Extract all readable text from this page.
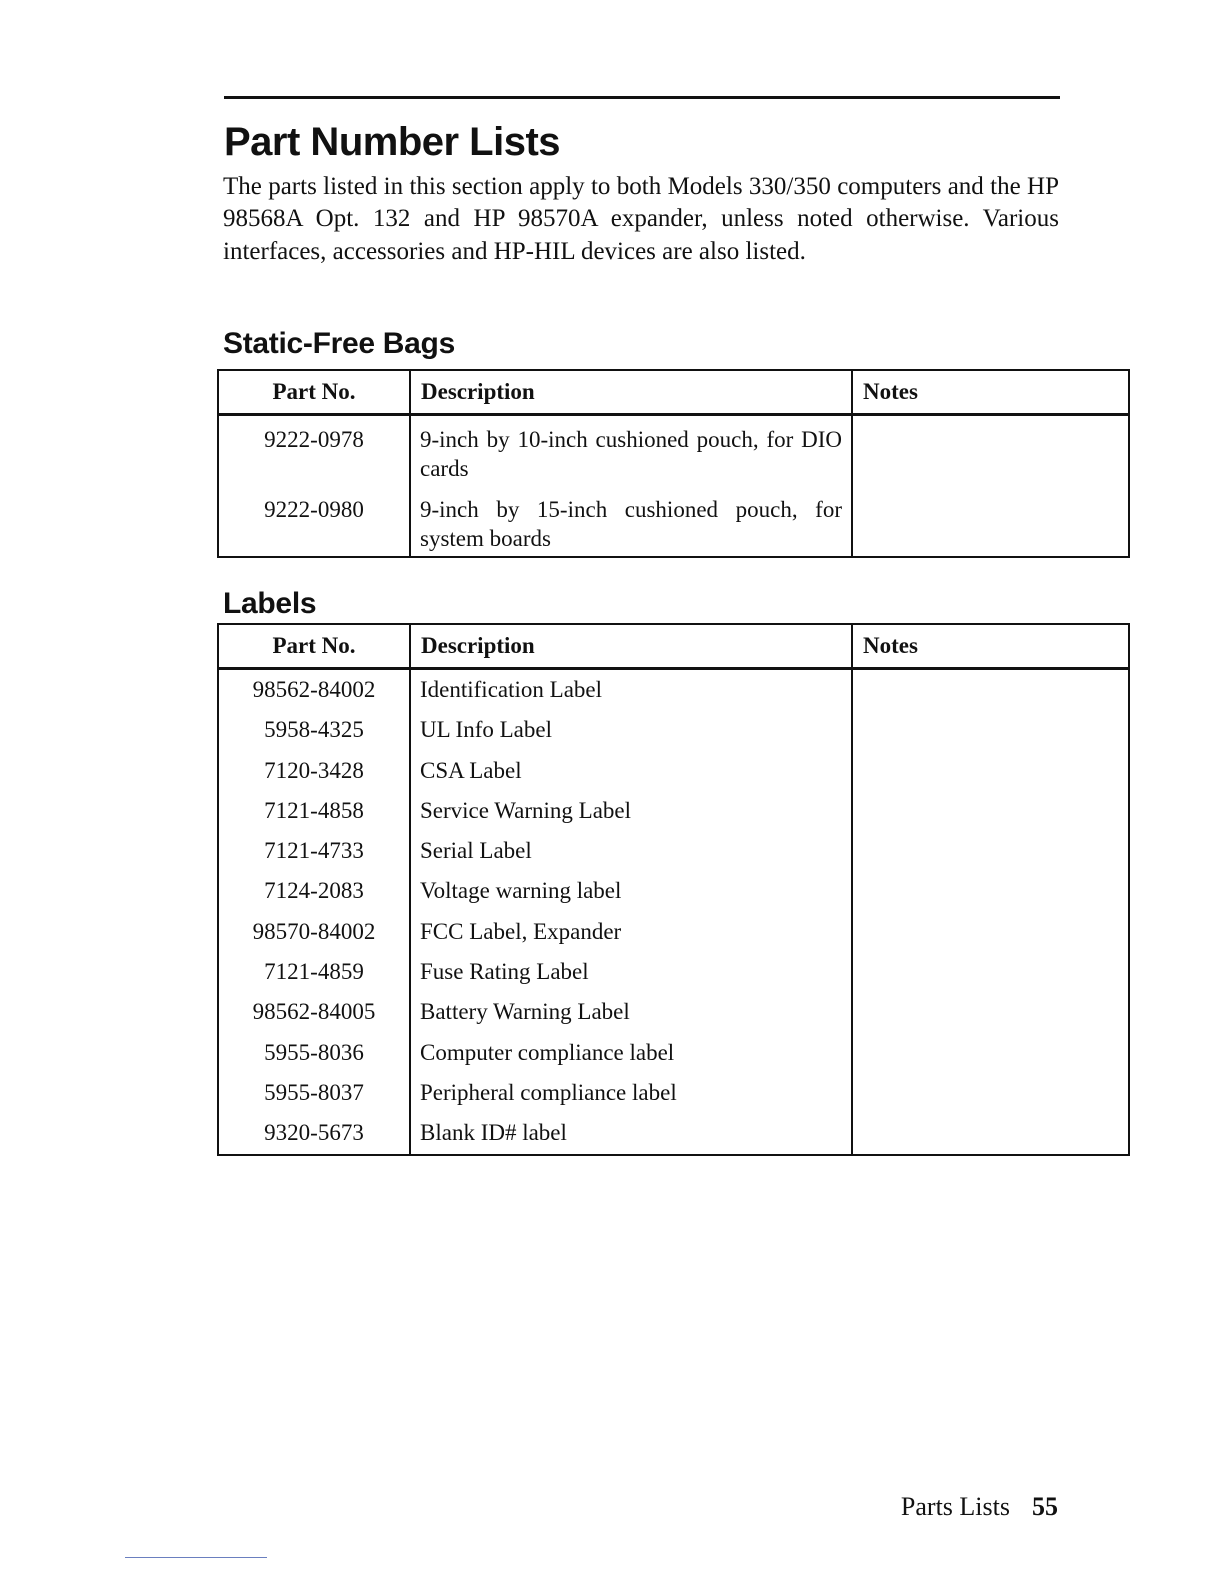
Part Number Lists

The parts listed in this section apply to both Models 330/350 computers and the HP 98568A Opt. 132 and HP 98570A expander, unless noted otherwise. Various interfaces, accessories and HP-HIL devices are also listed.

Static-Free Bags
Part No.	Description	Notes
9222-0978	9-inch by 10-inch cushioned pouch, for DIO cards	
9222-0980	9-inch by 15-inch cushioned pouch, for system boards	
Labels
Part No.	Description	Notes
98562-84002	Identification Label	
5958-4325	UL Info Label	
7120-3428	CSA Label	
7121-4858	Service Warning Label	
7121-4733	Serial Label	
7124-2083	Voltage warning label	
98570-84002	FCC Label, Expander	
7121-4859	Fuse Rating Label	
98562-84005	Battery Warning Label	
5955-8036	Computer compliance label	
5955-8037	Peripheral compliance label	
9320-5673	Blank ID# label	
Parts Lists 55
